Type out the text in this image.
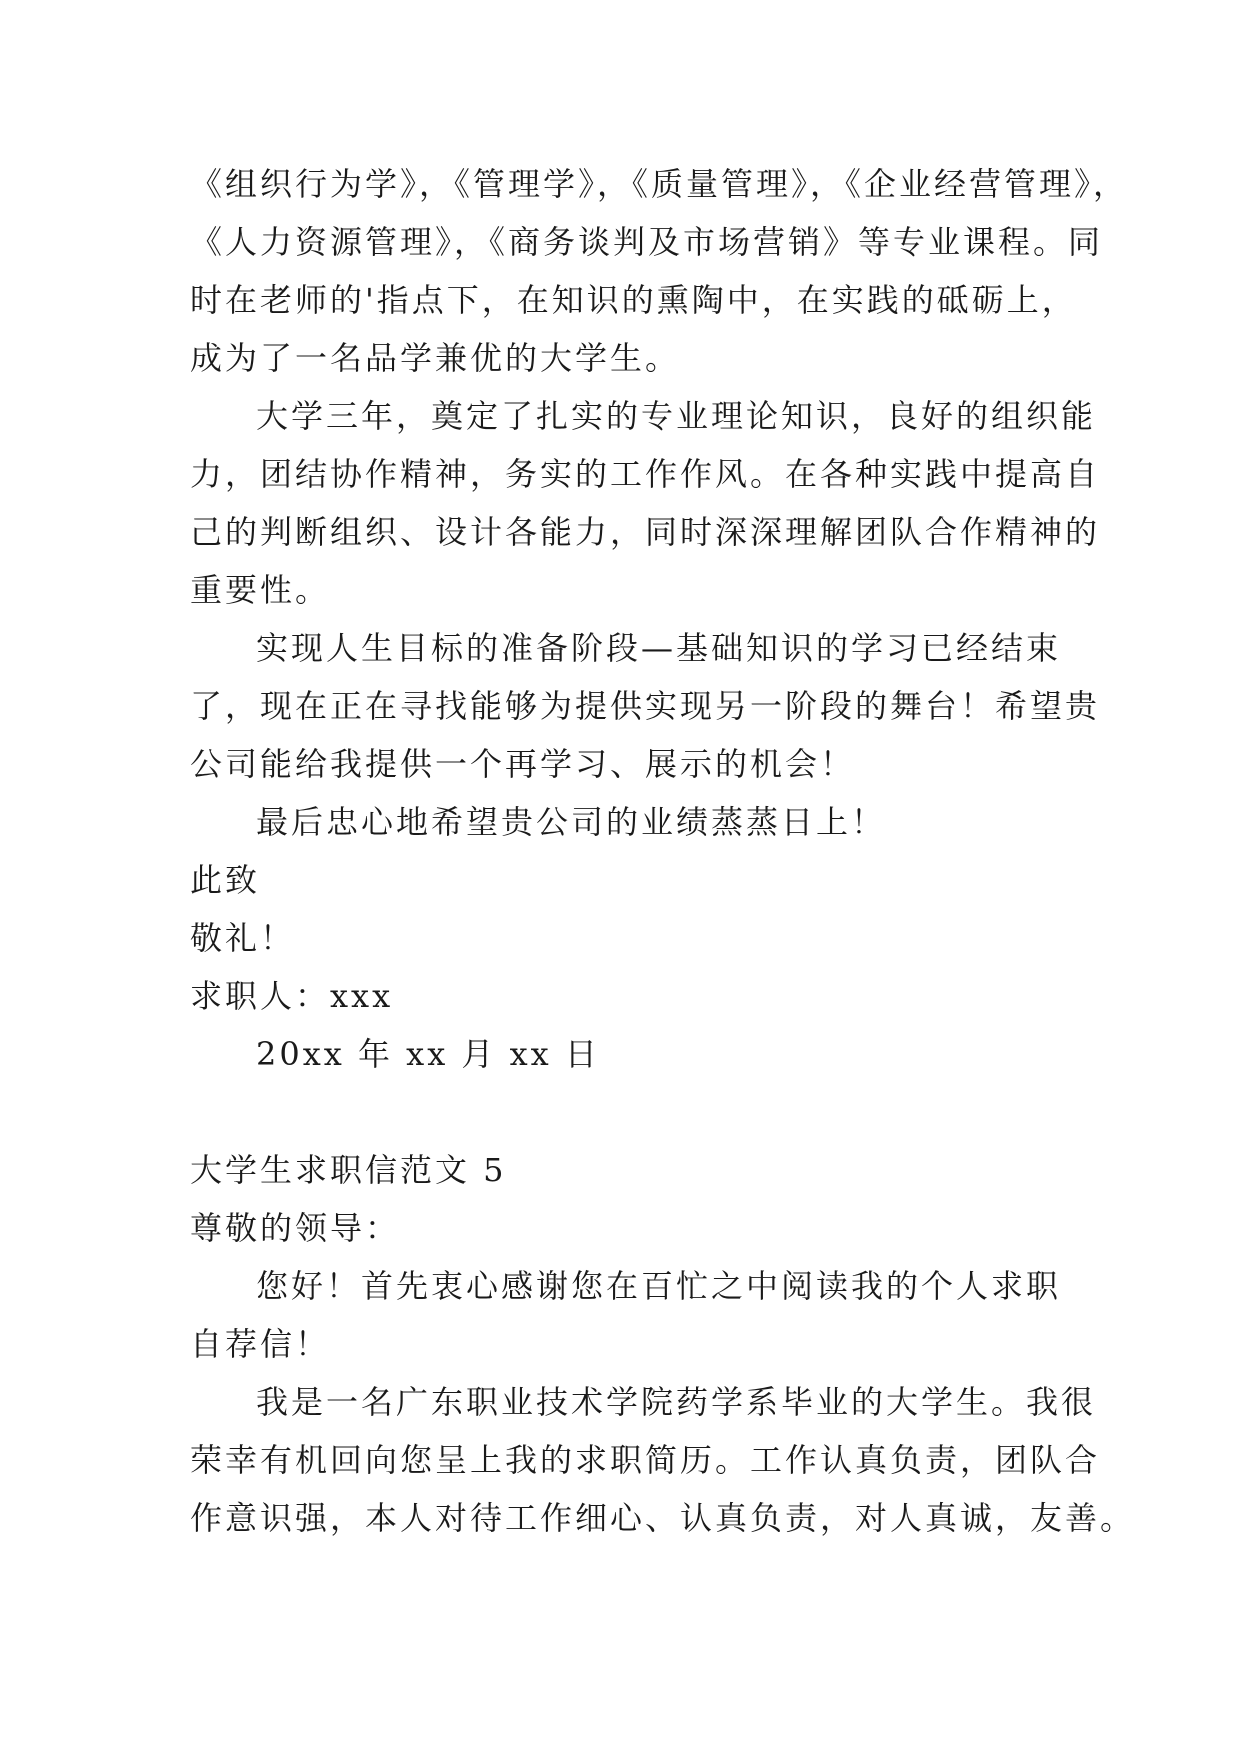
《组织行为学》，《管理学》，《质量管理》，《企业经营管理》，
《人力资源管理》，《商务谈判及市场营销》等专业课程。同
时在老师的'指点下，在知识的熏陶中，在实践的砥砺上，
成为了一名品学兼优的大学生。
大学三年，奠定了扎实的专业理论知识，良好的组织能
力，团结协作精神，务实的工作作风。在各种实践中提高自
己的判断组织、设计各能力，同时深深理解团队合作精神的
重要性。
实现人生目标的准备阶段—基础知识的学习已经结束
了，现在正在寻找能够为提供实现另一阶段的舞台！希望贵
公司能给我提供一个再学习、展示的机会！
最后忠心地希望贵公司的业绩蒸蒸日上！
此致
敬礼！
求职人：xxx
20xx 年 xx 月 xx 日
大学生求职信范文 5
尊敬的领导：
您好！首先衷心感谢您在百忙之中阅读我的个人求职
自荐信！
我是一名广东职业技术学院药学系毕业的大学生。我很
荣幸有机回向您呈上我的求职简历。工作认真负责，团队合
作意识强，本人对待工作细心、认真负责，对人真诚，友善。
